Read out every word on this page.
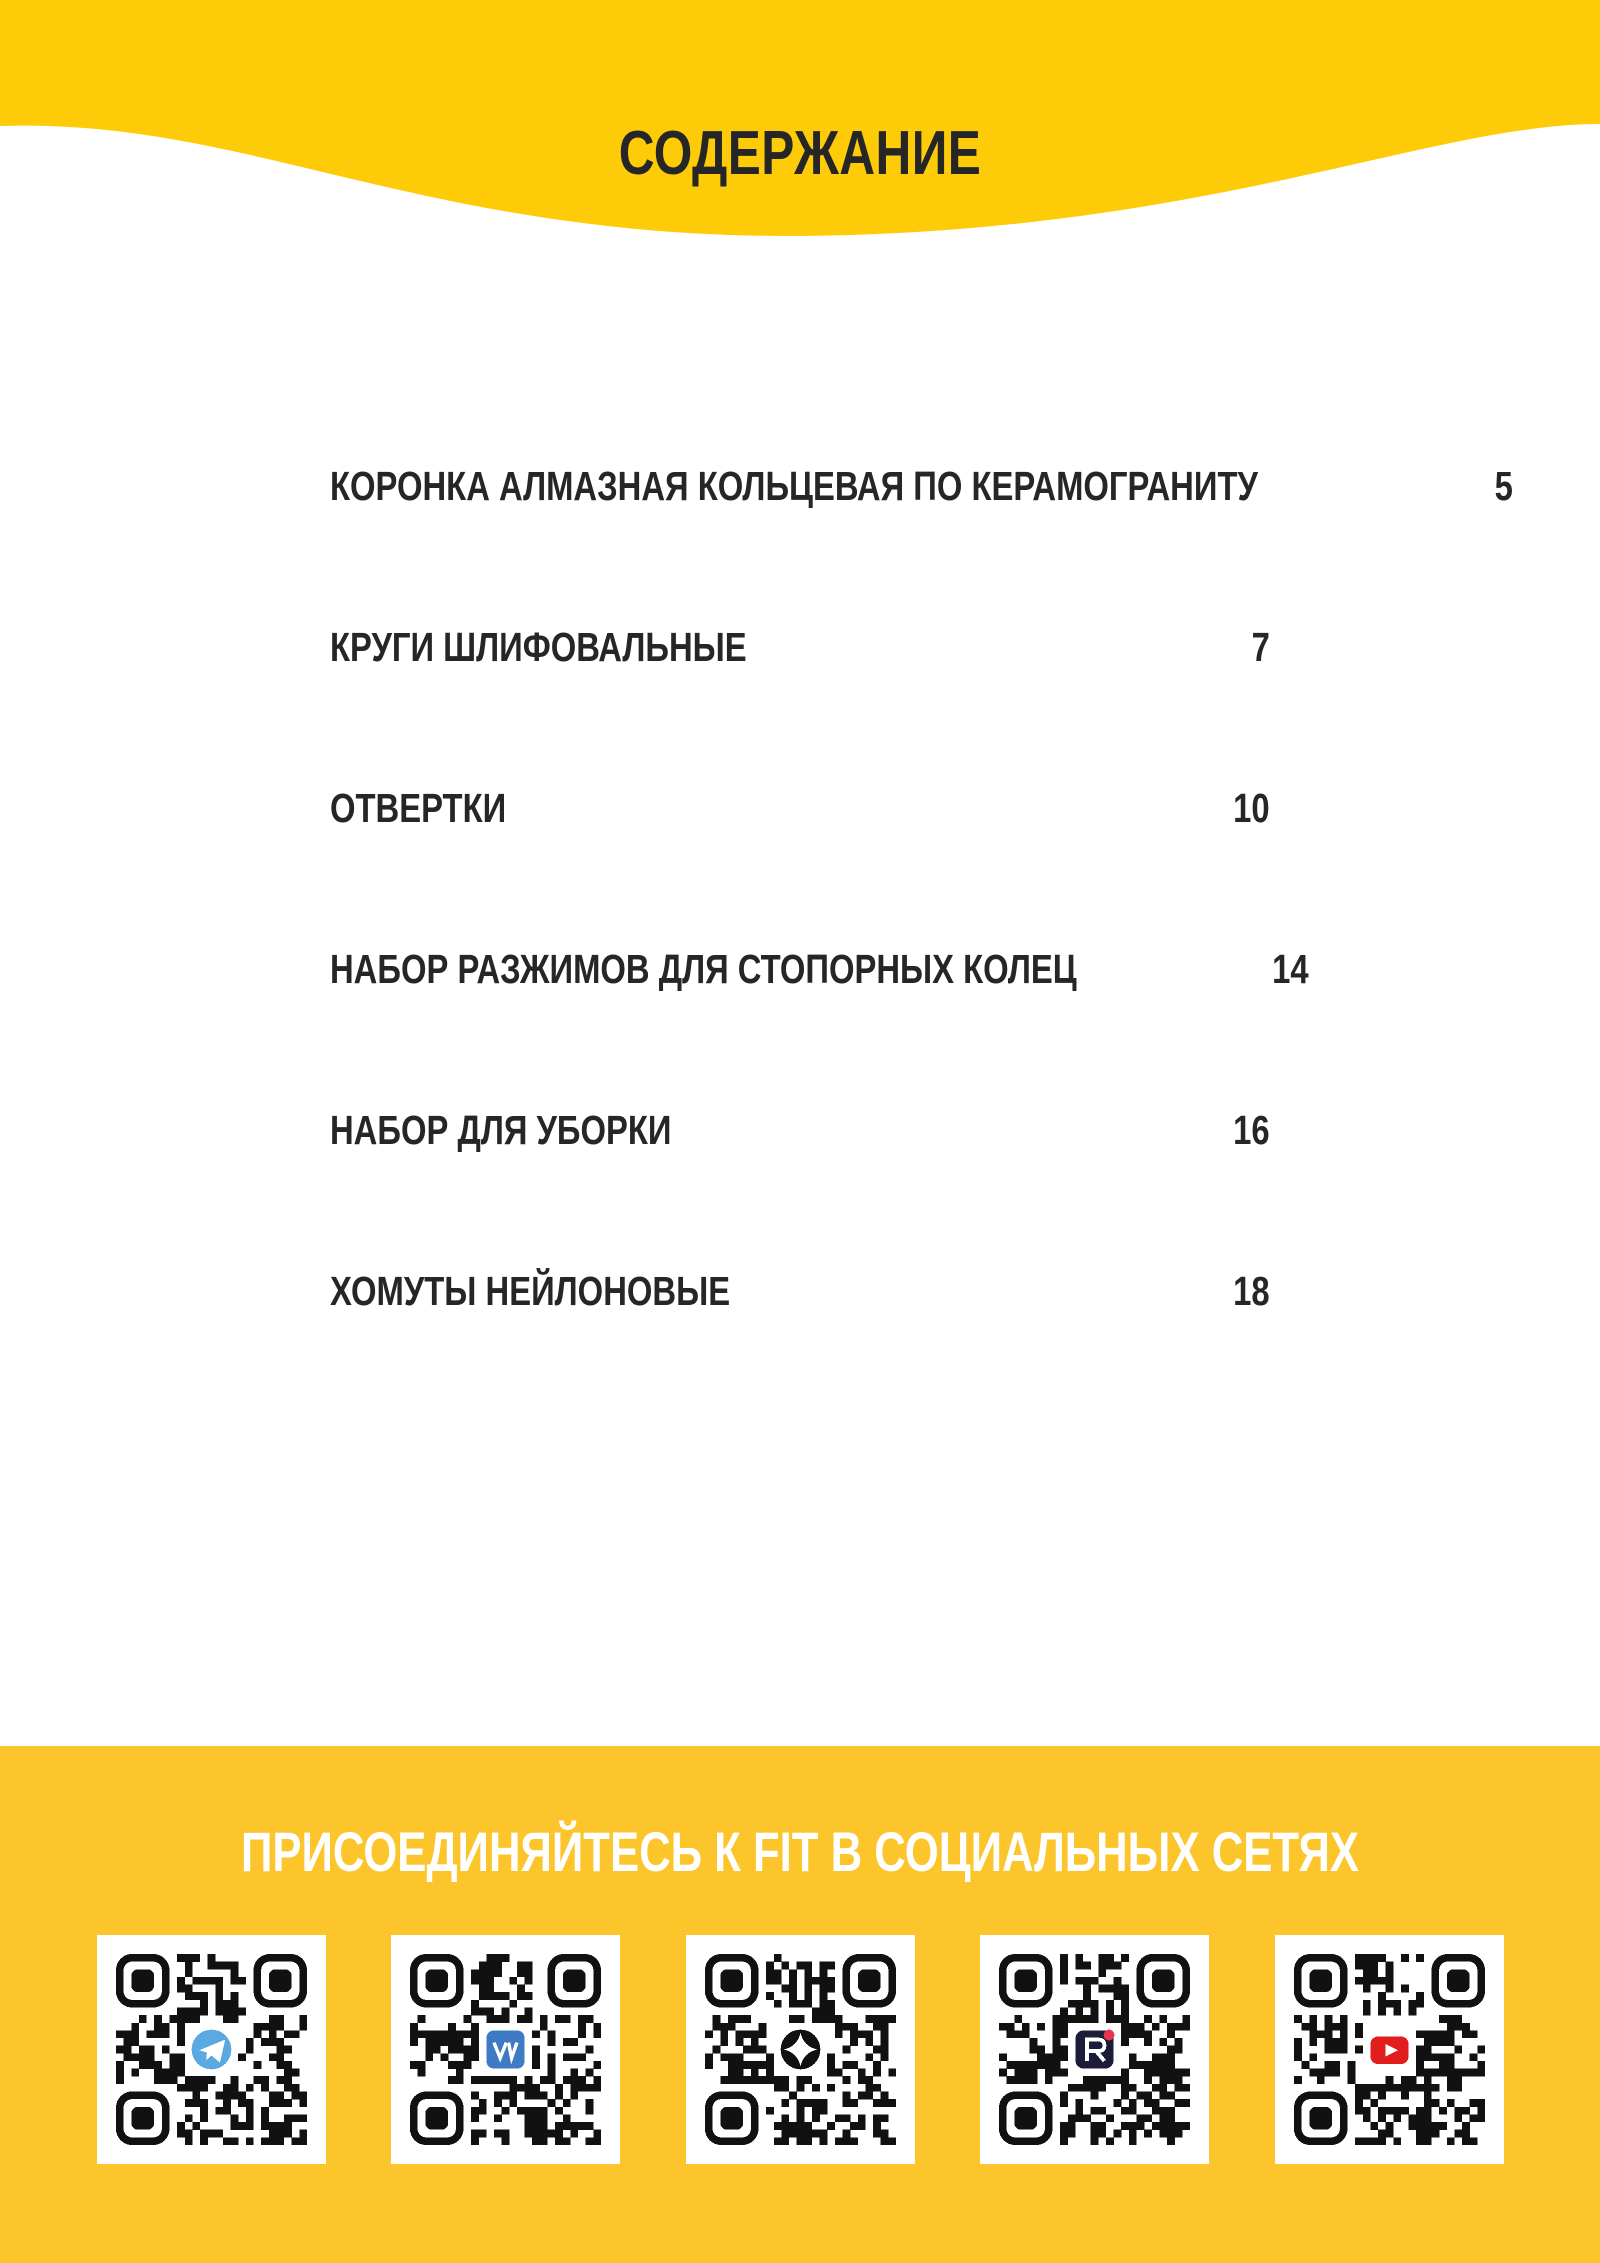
СОДЕРЖАНИЕ
КОРОНКА АЛМАЗНАЯ КОЛЬЦЕВАЯ ПО КЕРАМОГРАНИТУ	5
КРУГИ ШЛИФОВАЛЬНЫЕ	7
ОТВЕРТКИ	10
НАБОР РАЗЖИМОВ ДЛЯ СТОПОРНЫХ КОЛЕЦ	14
НАБОР ДЛЯ УБОРКИ	16
ХОМУТЫ НЕЙЛОНОВЫЕ	18
ПРИСОЕДИНЯЙТЕСЬ К FIT В СОЦИАЛЬНЫХ СЕТЯХ
